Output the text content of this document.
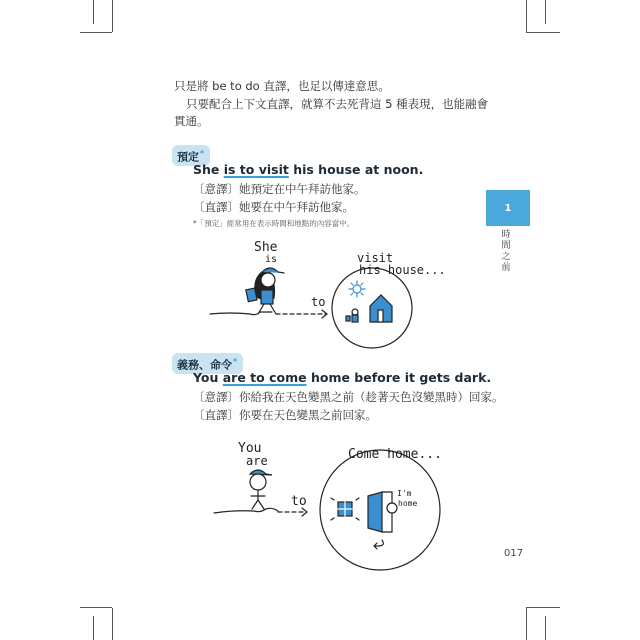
只是將 be to do 直譯，也足以傳達意思。
只要配合上下文直譯，就算不去死背這 5 種表現，也能融會
貫通。
預定*
She is to visit his house at noon.
〔意譯〕她預定在中午拜訪他家。
〔直譯〕她要在中午拜訪他家。
*「預定」經常用在表示時間和地點的內容當中。
She
is
to
visit
his house...
義務、命令*
You are to come home before it gets dark.
〔意譯〕你給我在天色變黑之前（趁著天色沒變黑時）回家。
〔直譯〕你要在天色變黑之前回家。
You
are
to
Come home...
I'm
home
1
時間之前
017
